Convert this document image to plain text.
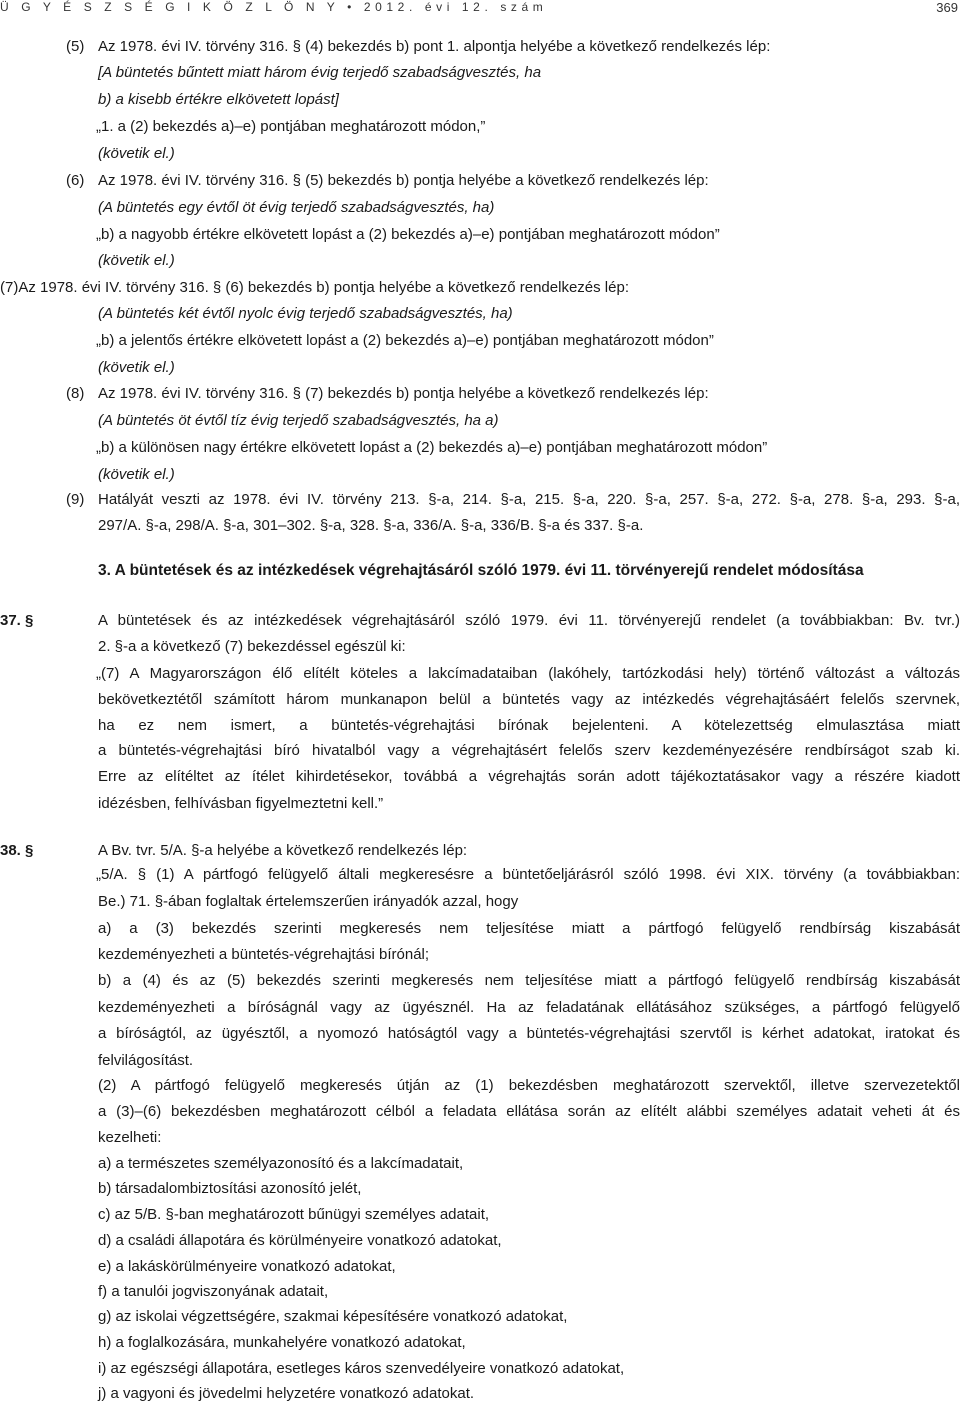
Ü G Y É S Z S É G I K Ö Z L Ö N Y • 2012. évi 12. szám	369
(5) Az 1978. évi IV. törvény 316. § (4) bekezdés b) pont 1. alpontja helyébe a következő rendelkezés lép:
[A büntetés bűntett miatt három évig terjedő szabadságvesztés, ha
b) a kisebb értékre elkövetett lopást]
„1. a (2) bekezdés a)–e) pontjában meghatározott módon,”
(követik el.)
(6) Az 1978. évi IV. törvény 316. § (5) bekezdés b) pontja helyébe a következő rendelkezés lép:
(A büntetés egy évtől öt évig terjedő szabadságvesztés, ha)
„b) a nagyobb értékre elkövetett lopást a (2) bekezdés a)–e) pontjában meghatározott módon”
(követik el.)
(7)Az 1978. évi IV. törvény 316. § (6) bekezdés b) pontja helyébe a következő rendelkezés lép:
(A büntetés két évtől nyolc évig terjedő szabadságvesztés, ha)
„b) a jelentős értékre elkövetett lopást a (2) bekezdés a)–e) pontjában meghatározott módon”
(követik el.)
(8) Az 1978. évi IV. törvény 316. § (7) bekezdés b) pontja helyébe a következő rendelkezés lép:
(A büntetés öt évtől tíz évig terjedő szabadságvesztés, ha a)
„b) a különösen nagy értékre elkövetett lopást a (2) bekezdés a)–e) pontjában meghatározott módon”
(követik el.)
(9) Hatályát veszti az 1978. évi IV. törvény 213. §-a, 214. §-a, 215. §-a, 220. §-a, 257. §-a, 272. §-a, 278. §-a, 293. §-a,
297/A. §-a, 298/A. §-a, 301–302. §-a, 328. §-a, 336/A. §-a, 336/B. §-a és 337. §-a.
3. A büntetések és az intézkedések végrehajtásáról szóló 1979. évi 11. törvényerejű rendelet módosítása
37. §	A büntetések és az intézkedések végrehajtásáról szóló 1979. évi 11. törvényerejű rendelet (a továbbiakban: Bv. tvr.)
2. §-a a következő (7) bekezdéssel egészül ki:
„(7) A Magyarországon élő elítélt köteles a lakcímadataiban (lakóhely, tartózkodási hely) történő változást a változás
bekövetkeztétől számított három munkanapon belül a büntetés vagy az intézkedés végrehajtásáért felelős szervnek,
ha ez nem ismert, a büntetés-végrehajtási bírónak bejelenteni. A kötelezettség elmulasztása miatt
a büntetés-végrehajtási bíró hivatalból vagy a végrehajtásért felelős szerv kezdeményezésére rendbírságot szab ki.
Erre az elítéltet az ítélet kihirdetésekor, továbbá a végrehajtás során adott tájékoztatásakor vagy a részére kiadott
idézésben, felhívásban figyelmeztetni kell.”
38. §	A Bv. tvr. 5/A. §-a helyébe a következő rendelkezés lép:
„5/A. § (1) A pártfogó felügyelő általi megkeresésre a büntetőeljárásról szóló 1998. évi XIX. törvény (a továbbiakban:
Be.) 71. §-ában foglaltak értelemszerűen irányadók azzal, hogy
a) a (3) bekezdés szerinti megkeresés nem teljesítése miatt a pártfogó felügyelő rendbírság kiszabását
kezdeményezheti a büntetés-végrehajtási bírónál;
b) a (4) és az (5) bekezdés szerinti megkeresés nem teljesítése miatt a pártfogó felügyelő rendbírság kiszabását
kezdeményezheti a bíróságnál vagy az ügyésznél. Ha az feladatának ellátásához szükséges, a pártfogó felügyelő
a bíróságtól, az ügyésztől, a nyomozó hatóságtól vagy a büntetés-végrehajtási szervtől is kérhet adatokat, iratokat és
felvilágosítást.
(2) A pártfogó felügyelő megkeresés útján az (1) bekezdésben meghatározott szervektől, illetve szervezetektől
a (3)–(6) bekezdésben meghatározott célból a feladata ellátása során az elítélt alábbi személyes adatait veheti át és
kezelheti:
a) a természetes személyazonosító és a lakcímadatait,
b) társadalombiztosítási azonosító jelét,
c) az 5/B. §-ban meghatározott bűnügyi személyes adatait,
d) a családi állapotára és körülményeire vonatkozó adatokat,
e) a lakáskörülményeire vonatkozó adatokat,
f) a tanulói jogviszonyának adatait,
g) az iskolai végzettségére, szakmai képesítésére vonatkozó adatokat,
h) a foglalkozására, munkahelyére vonatkozó adatokat,
i) az egészségi állapotára, esetleges káros szenvedélyeire vonatkozó adatokat,
j) a vagyoni és jövedelmi helyzetére vonatkozó adatokat.
